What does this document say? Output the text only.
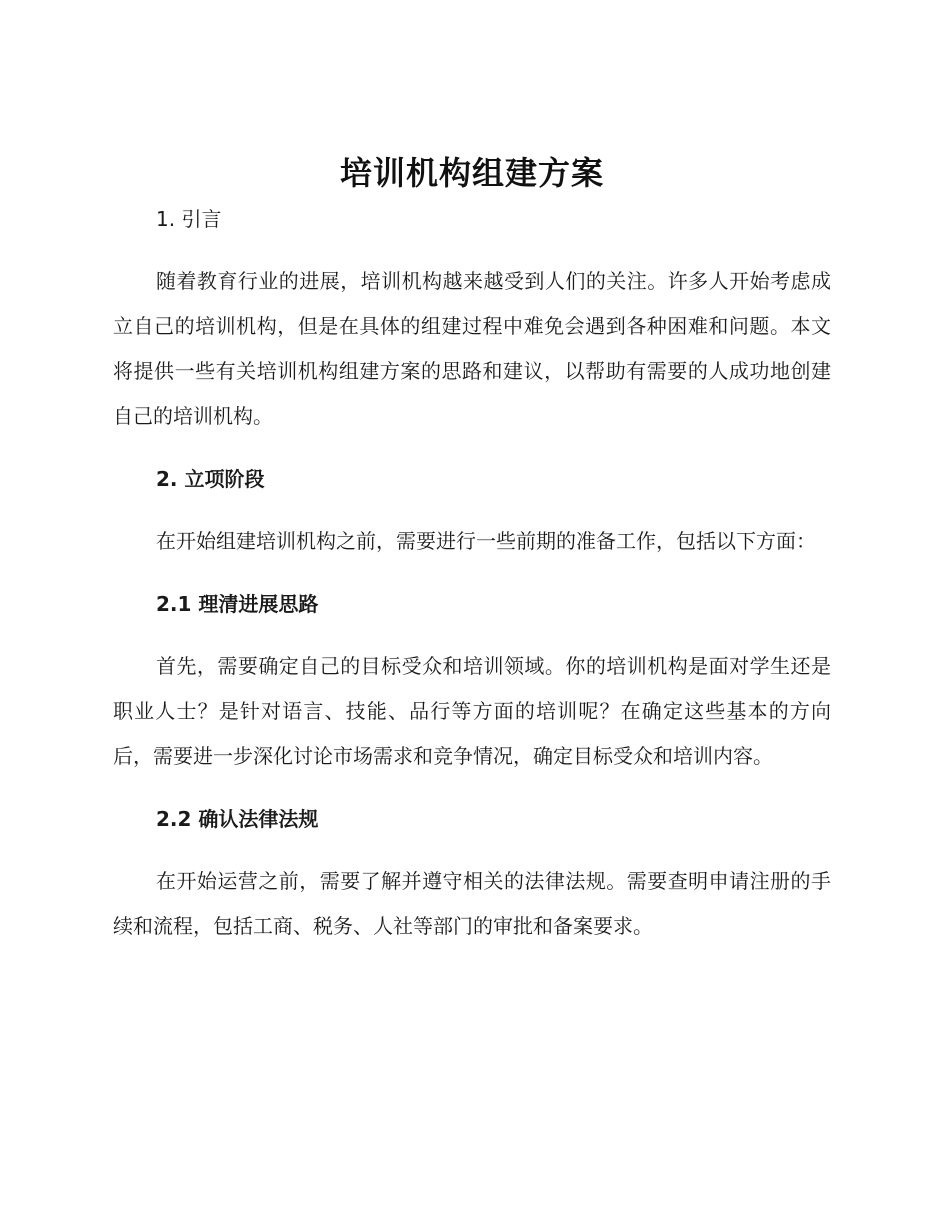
培训机构组建方案
1. 引言

随着教育行业的进展，培训机构越来越受到人们的关注。许多人开始考虑成立自己的培训机构，但是在具体的组建过程中难免会遇到各种困难和问题。本文将提供一些有关培训机构组建方案的思路和建议，以帮助有需要的人成功地创建自己的培训机构。

2. 立项阶段

在开始组建培训机构之前，需要进行一些前期的准备工作，包括以下方面：

2.1 理清进展思路

首先，需要确定自己的目标受众和培训领域。你的培训机构是面对学生还是职业人士？是针对语言、技能、品行等方面的培训呢？在确定这些基本的方向后，需要进一步深化讨论市场需求和竞争情况，确定目标受众和培训内容。

2.2 确认法律法规

在开始运营之前，需要了解并遵守相关的法律法规。需要查明申请注册的手续和流程，包括工商、税务、人社等部门的审批和备案要求。
